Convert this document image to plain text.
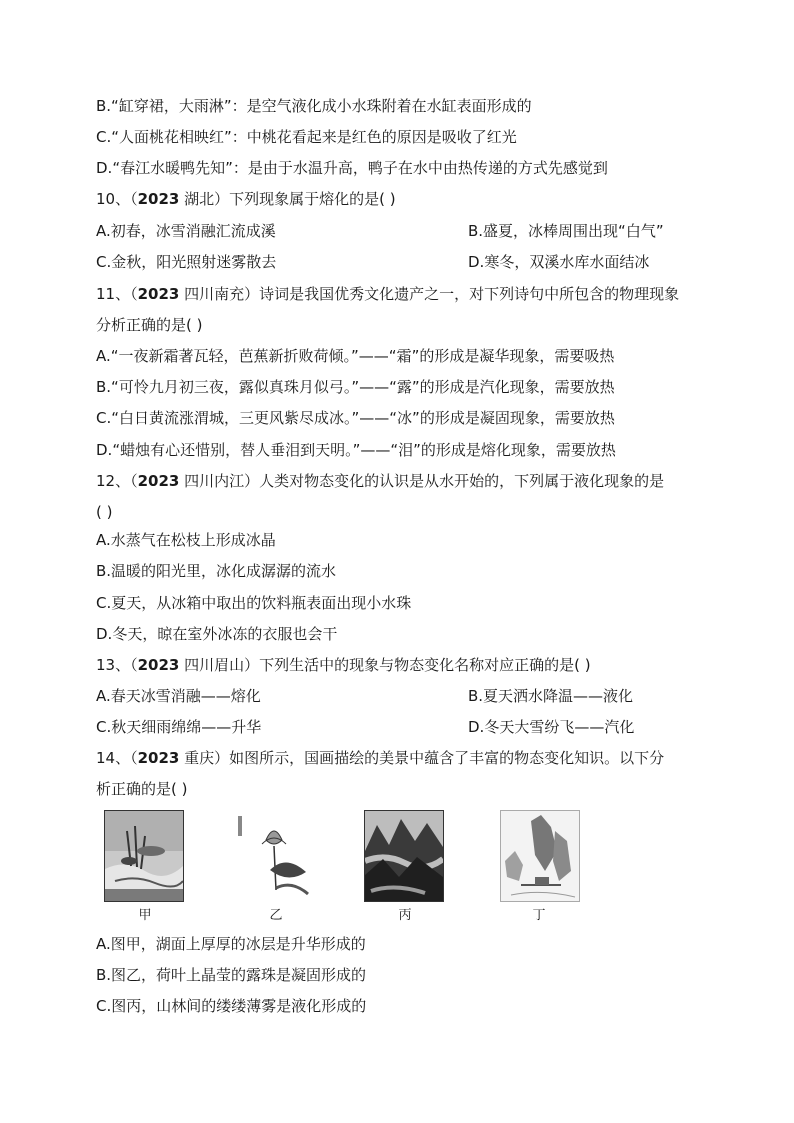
B.“缸穿裙，大雨淋”：是空气液化成小水珠附着在水缸表面形成的
C.“人面桃花相映红”：中桃花看起来是红色的原因是吸收了红光
D.“春江水暖鸭先知”：是由于水温升高，鸭子在水中由热传递的方式先感觉到
10、（2023 湖北）下列现象属于熔化的是( )
A.初春，冰雪消融汇流成溪	B.盛夏，冰棒周围出现“白气”
C.金秋，阳光照射迷雾散去	D.寒冬，双溪水库水面结冰
11、（2023 四川南充）诗词是我国优秀文化遗产之一，对下列诗句中所包含的物理现象
分析正确的是( )
A.“一夜新霜著瓦轻，芭蕉新折败荷倾。”——“霜”的形成是凝华现象，需要吸热
B.“可怜九月初三夜，露似真珠月似弓。”——“露”的形成是汽化现象，需要放热
C.“白日黄流涨渭城，三更风紫尽成冰。”——“冰”的形成是凝固现象，需要放热
D.“蜡烛有心还惜别，替人垂泪到天明。”——“泪”的形成是熔化现象，需要放热
12、（2023 四川内江）人类对物态变化的认识是从水开始的，下列属于液化现象的是
( )
A.水蒸气在松枝上形成冰晶
B.温暖的阳光里，冰化成潺潺的流水
C.夏天，从冰箱中取出的饮料瓶表面出现小水珠
D.冬天，晾在室外冰冻的衣服也会干
13、（2023 四川眉山）下列生活中的现象与物态变化名称对应正确的是( )
A.春天冰雪消融——熔化	B.夏天洒水降温——液化
C.秋天细雨绵绵——升华	D.冬天大雪纷飞——汽化
14、（2023 重庆）如图所示，国画描绘的美景中蕴含了丰富的物态变化知识。以下分
析正确的是( )
甲	乙	丙	丁
A.图甲，湖面上厚厚的冰层是升华形成的
B.图乙，荷叶上晶莹的露珠是凝固形成的
C.图丙，山林间的缕缕薄雾是液化形成的
